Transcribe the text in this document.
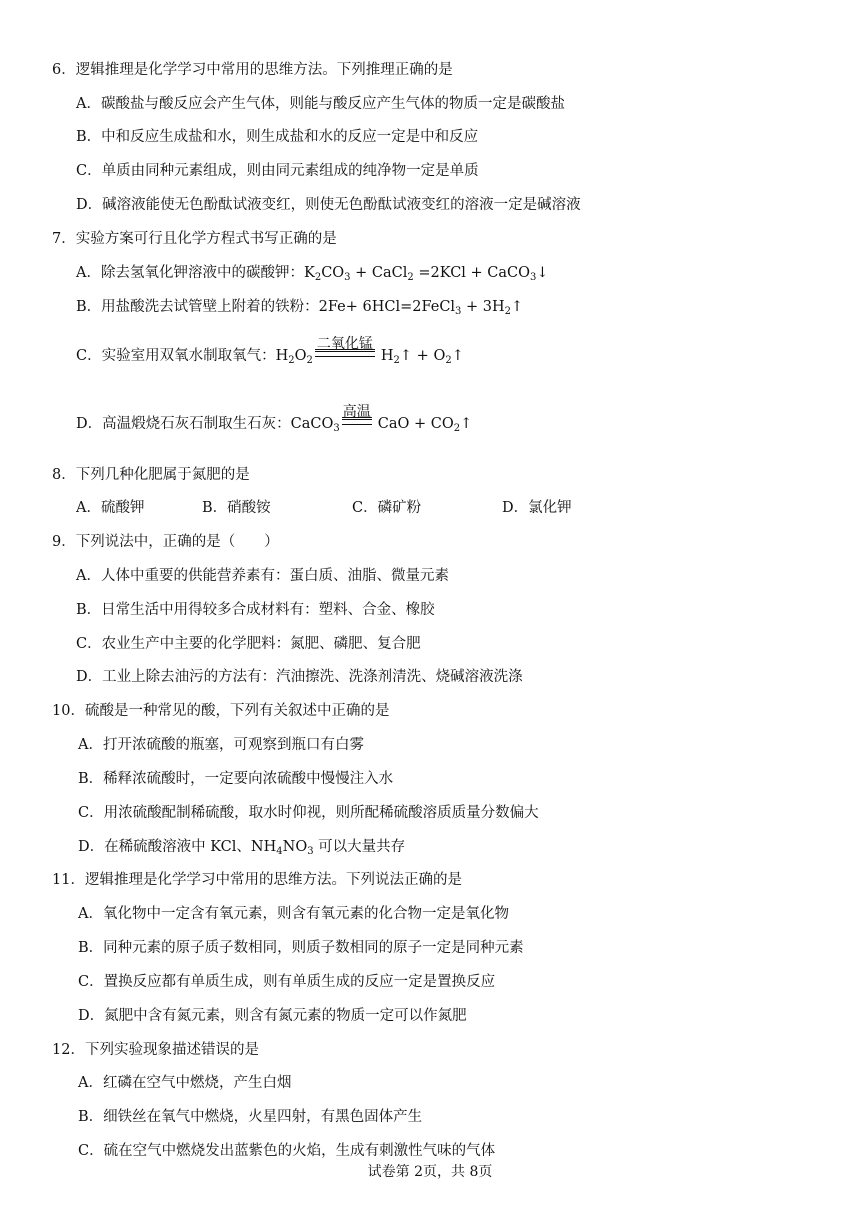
6．逻辑推理是化学学习中常用的思维方法。下列推理正确的是
A．碳酸盐与酸反应会产生气体，则能与酸反应产生气体的物质一定是碳酸盐
B．中和反应生成盐和水，则生成盐和水的反应一定是中和反应
C．单质由同种元素组成，则由同元素组成的纯净物一定是单质
D．碱溶液能使无色酚酞试液变红，则使无色酚酞试液变红的溶液一定是碱溶液
7．实验方案可行且化学方程式书写正确的是
A．除去氢氧化钾溶液中的碳酸钾：$K_2CO_3$ + CaCl$_2$ =2KCl + CaCO$_3$↓
B．用盐酸洗去试管壁上附着的铁粉：2Fe+ 6HCl=2FeCl$_3$ + $3H_2↑$
C．实验室用双氧水制取氧气：$H_2O_2$
二氧化锰
$H_2↑$ + $O_2↑$
D．高温煅烧石灰石制取生石灰：CaCO$_3$
高温
CaO + $CO_2↑$
8．下列几种化肥属于氮肥的是
A．硫酸钾	B．硝酸铵	C．磷矿粉	D．氯化钾
9．下列说法中，正确的是（　　）
A．人体中重要的供能营养素有：蛋白质、油脂、微量元素
B．日常生活中用得较多合成材料有：塑料、合金、橡胶
C．农业生产中主要的化学肥料：氮肥、磷肥、复合肥
D．工业上除去油污的方法有：汽油擦洗、洗涤剂清洗、烧碱溶液洗涤
10．硫酸是一种常见的酸，下列有关叙述中正确的是
A．打开浓硫酸的瓶塞，可观察到瓶口有白雾
B．稀释浓硫酸时，一定要向浓硫酸中慢慢注入水
C．用浓硫酸配制稀硫酸，取水时仰视，则所配稀硫酸溶质质量分数偏大
D．在稀硫酸溶液中 KCl、$NH_4NO_3$ 可以大量共存
11．逻辑推理是化学学习中常用的思维方法。下列说法正确的是
A．氧化物中一定含有氧元素，则含有氧元素的化合物一定是氧化物
B．同种元素的原子质子数相同，则质子数相同的原子一定是同种元素
C．置换反应都有单质生成，则有单质生成的反应一定是置换反应
D．氮肥中含有氮元素，则含有氮元素的物质一定可以作氮肥
12．下列实验现象描述错误的是
A．红磷在空气中燃烧，产生白烟
B．细铁丝在氧气中燃烧，火星四射，有黑色固体产生
C．硫在空气中燃烧发出蓝紫色的火焰，生成有刺激性气味的气体
试卷第 2页，共 8页
